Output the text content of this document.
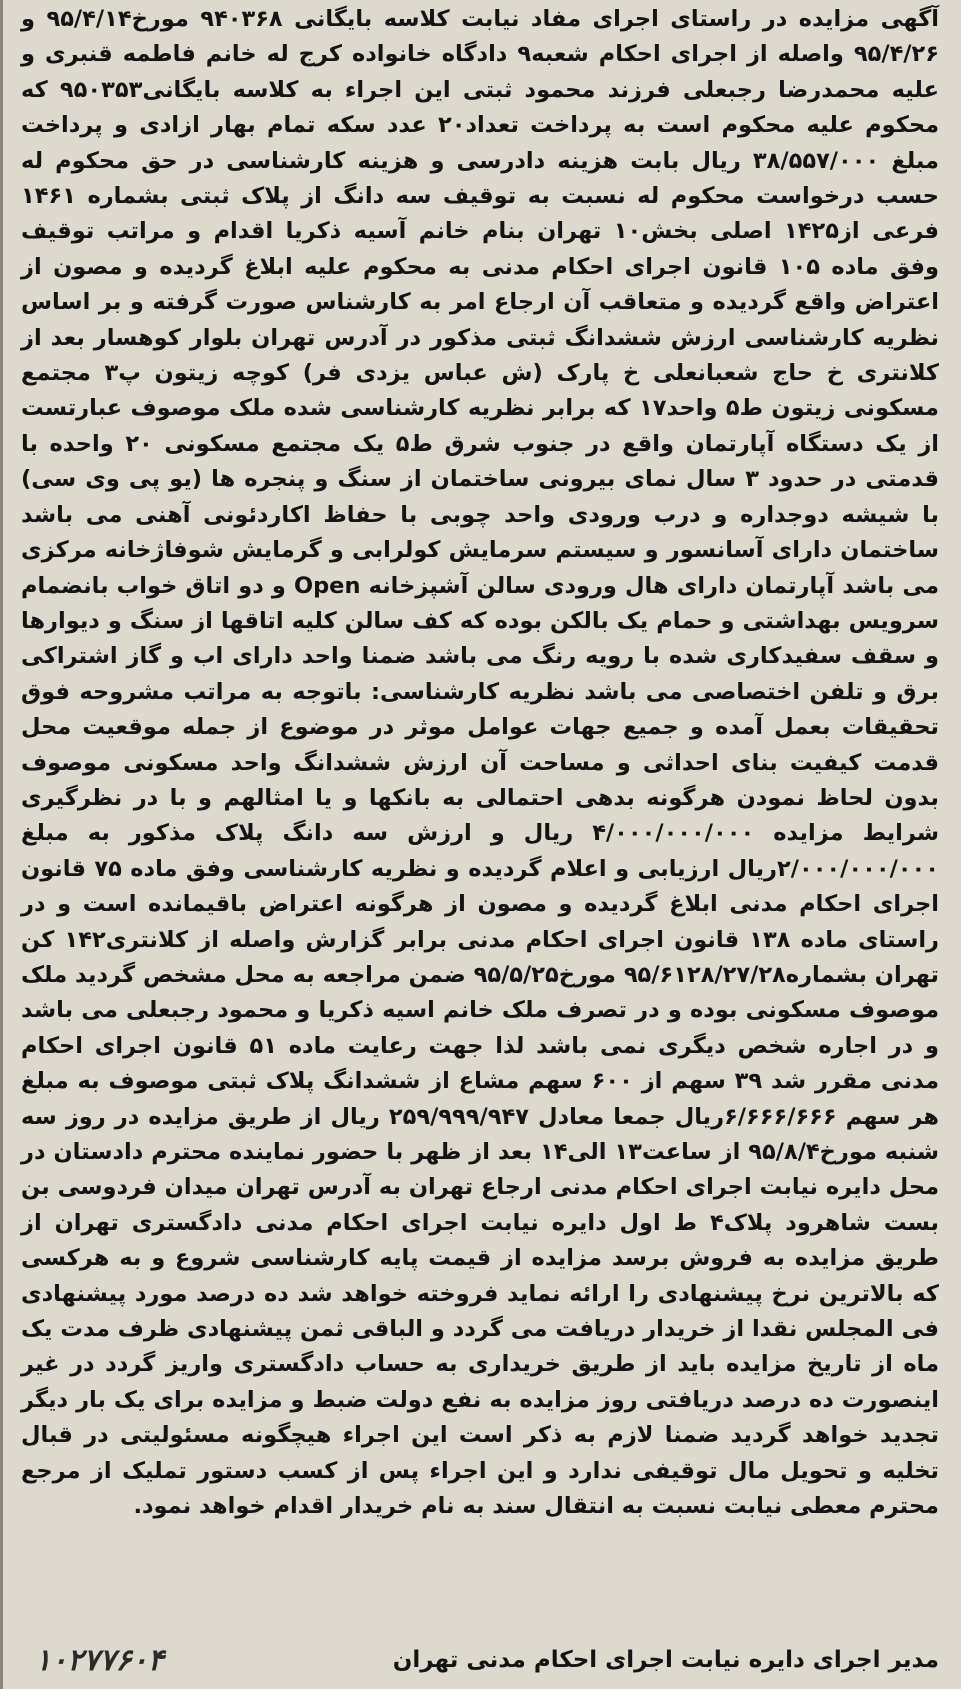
آگهی مزایده در راستای اجرای مفاد نیابت کلاسه بایگانی ۹۴۰۳۶۸ مورخ۹۵/۴/۱۴ و ۹۵/۴/۲۶ واصله از اجرای احکام شعبه۹ دادگاه خانواده کرج له خانم فاطمه قنبری و علیه محمدرضا رجبعلی فرزند محمود ثبتی این اجراء به کلاسه بایگانی۹۵۰۳۵۳ که محکوم علیه محکوم است به پرداخت تعداد۲۰ عدد سکه تمام بهار ازادی و پرداخت مبلغ ۳۸/۵۵۷/۰۰۰ ریال بابت هزینه دادرسی و هزینه کارشناسی در حق محکوم له حسب درخواست محکوم له نسبت به توقیف سه دانگ از پلاک ثبتی بشماره ۱۴۶۱ فرعی از۱۴۲۵ اصلی بخش۱۰ تهران بنام خانم آسیه ذکریا اقدام و مراتب توقیف وفق ماده ۱۰۵ قانون اجرای احکام مدنی به محکوم علیه ابلاغ گردیده و مصون از اعتراض واقع گردیده و متعاقب آن ارجاع امر به کارشناس صورت گرفته و بر اساس نظریه کارشناسی ارزش ششدانگ ثبتی مذکور در آدرس تهران بلوار کوهسار بعد از کلانتری خ حاج شعبانعلی خ پارک (ش عباس یزدی فر) کوچه زیتون پ۳ مجتمع مسکونی زیتون ط۵ واحد۱۷ که برابر نظریه کارشناسی شده ملک موصوف عبارتست از یک دستگاه آپارتمان واقع در جنوب شرق ط۵ یک مجتمع مسکونی ۲۰ واحده با قدمتی در حدود ۳ سال نمای بیرونی ساختمان از سنگ و پنجره ها (یو پی وی سی) با شیشه دوجداره و درب ورودی واحد چوبی با حفاظ اکاردئونی آهنی می باشد ساختمان دارای آسانسور و سیستم سرمایش کولرابی و گرمایش شوفاژخانه مرکزی می باشد آپارتمان دارای هال ورودی سالن آشپزخانه Open و دو اتاق خواب بانضمام سرویس بهداشتی و حمام یک بالکن بوده که کف سالن کلیه اتاقها از سنگ و دیوارها و سقف سفیدکاری شده با رویه رنگ می باشد ضمنا واحد دارای اب و گاز اشتراکی برق و تلفن اختصاصی می باشد نظریه کارشناسی: باتوجه به مراتب مشروحه فوق تحقیقات بعمل آمده و جمیع جهات عوامل موثر در موضوع از جمله موقعیت محل قدمت کیفیت بنای احداثی و مساحت آن ارزش ششدانگ واحد مسکونی موصوف بدون لحاظ نمودن هرگونه بدهی احتمالی به بانکها و یا امثالهم و با در نظرگیری شرایط مزایده ۴/۰۰۰/۰۰۰/۰۰۰ ریال و ارزش سه دانگ پلاک مذکور به مبلغ ۲/۰۰۰/۰۰۰/۰۰۰ریال ارزیابی و اعلام گردیده و نظریه کارشناسی وفق ماده ۷۵ قانون اجرای احکام مدنی ابلاغ گردیده و مصون از هرگونه اعتراض باقیمانده است و در راستای ماده ۱۳۸ قانون اجرای احکام مدنی برابر گزارش واصله از کلانتری۱۴۲ کن تهران بشماره۹۵/۶۱۲۸/۲۷/۲۸ مورخ۹۵/۵/۲۵ ضمن مراجعه به محل مشخص گردید ملک موصوف مسکونی بوده و در تصرف ملک خانم اسیه ذکریا و محمود رجبعلی می باشد و در اجاره شخص دیگری نمی باشد لذا جهت رعایت ماده ۵۱ قانون اجرای احکام مدنی مقرر شد ۳۹ سهم از ۶۰۰ سهم مشاع از ششدانگ پلاک ثبتی موصوف به مبلغ هر سهم ۶/۶۶۶/۶۶۶ریال جمعا معادل ۲۵۹/۹۹۹/۹۴۷ ریال از طریق مزایده در روز سه شنبه مورخ۹۵/۸/۴ از ساعت۱۳ الی۱۴ بعد از ظهر با حضور نماینده محترم دادستان در محل دایره نیابت اجرای احکام مدنی ارجاع تهران به آدرس تهران میدان فردوسی بن بست شاهرود پلاک۴ ط اول دایره نیابت اجرای احکام مدنی دادگستری تهران از طریق مزایده به فروش برسد مزایده از قیمت پایه کارشناسی شروع و به هرکسی که بالاترین نرخ پیشنهادی را ارائه نماید فروخته خواهد شد ده درصد مورد پیشنهادی فی المجلس نقدا از خریدار دریافت می گردد و الباقی ثمن پیشنهادی ظرف مدت یک ماه از تاریخ مزایده باید از طریق خریداری به حساب دادگستری واریز گردد در غیر اینصورت ده درصد دریافتی روز مزایده به نفع دولت ضبط و مزایده برای یک بار دیگر تجدید خواهد گردید ضمنا لازم به ذکر است این اجراء هیچگونه مسئولیتی در قبال تخلیه و تحویل مال توقیفی ندارد و این اجراء پس از کسب دستور تملیک از مرجع محترم معطی نیابت نسبت به انتقال سند به نام خریدار اقدام خواهد نمود.

مدیر اجرای دایره نیابت اجرای احکام مدنی تهران
۱۰۲۷۷۶۰۴
